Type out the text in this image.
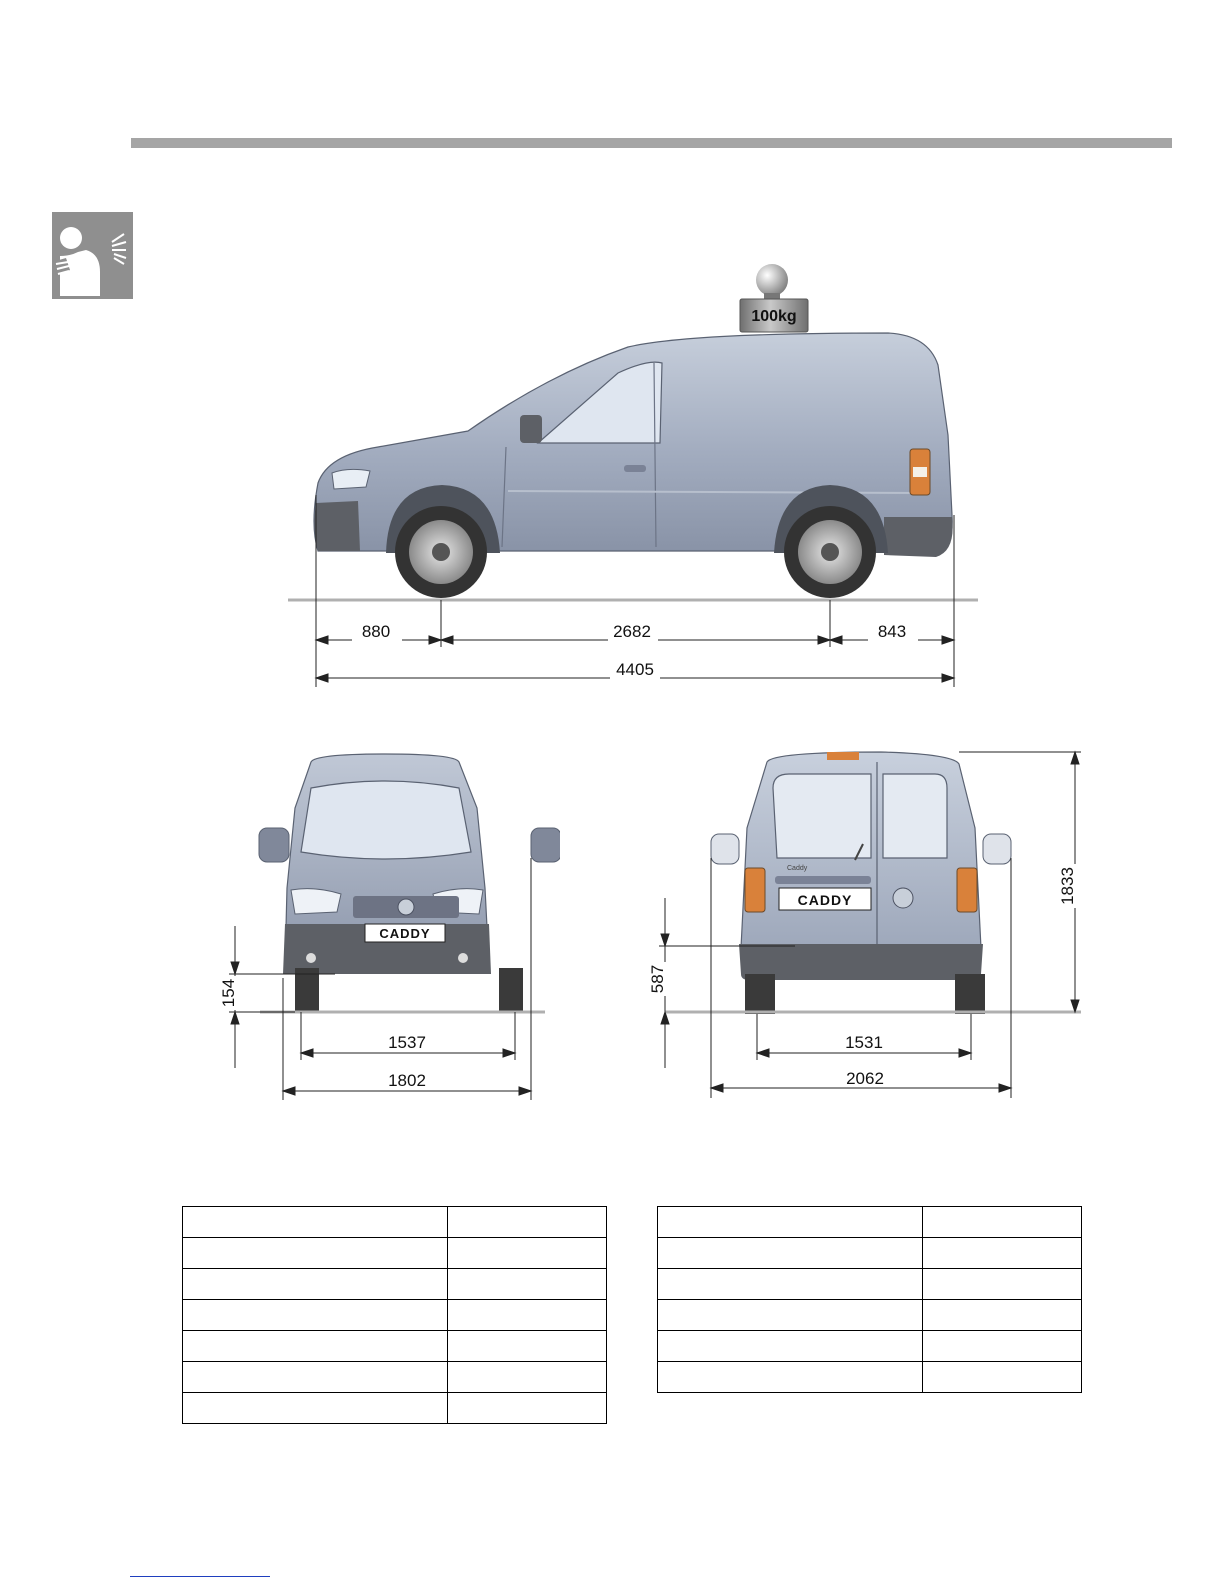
100kg
880	2682	843
4405
CADDY
154
1537
1802
Caddy
CADDY
587
1833
1531
2062
